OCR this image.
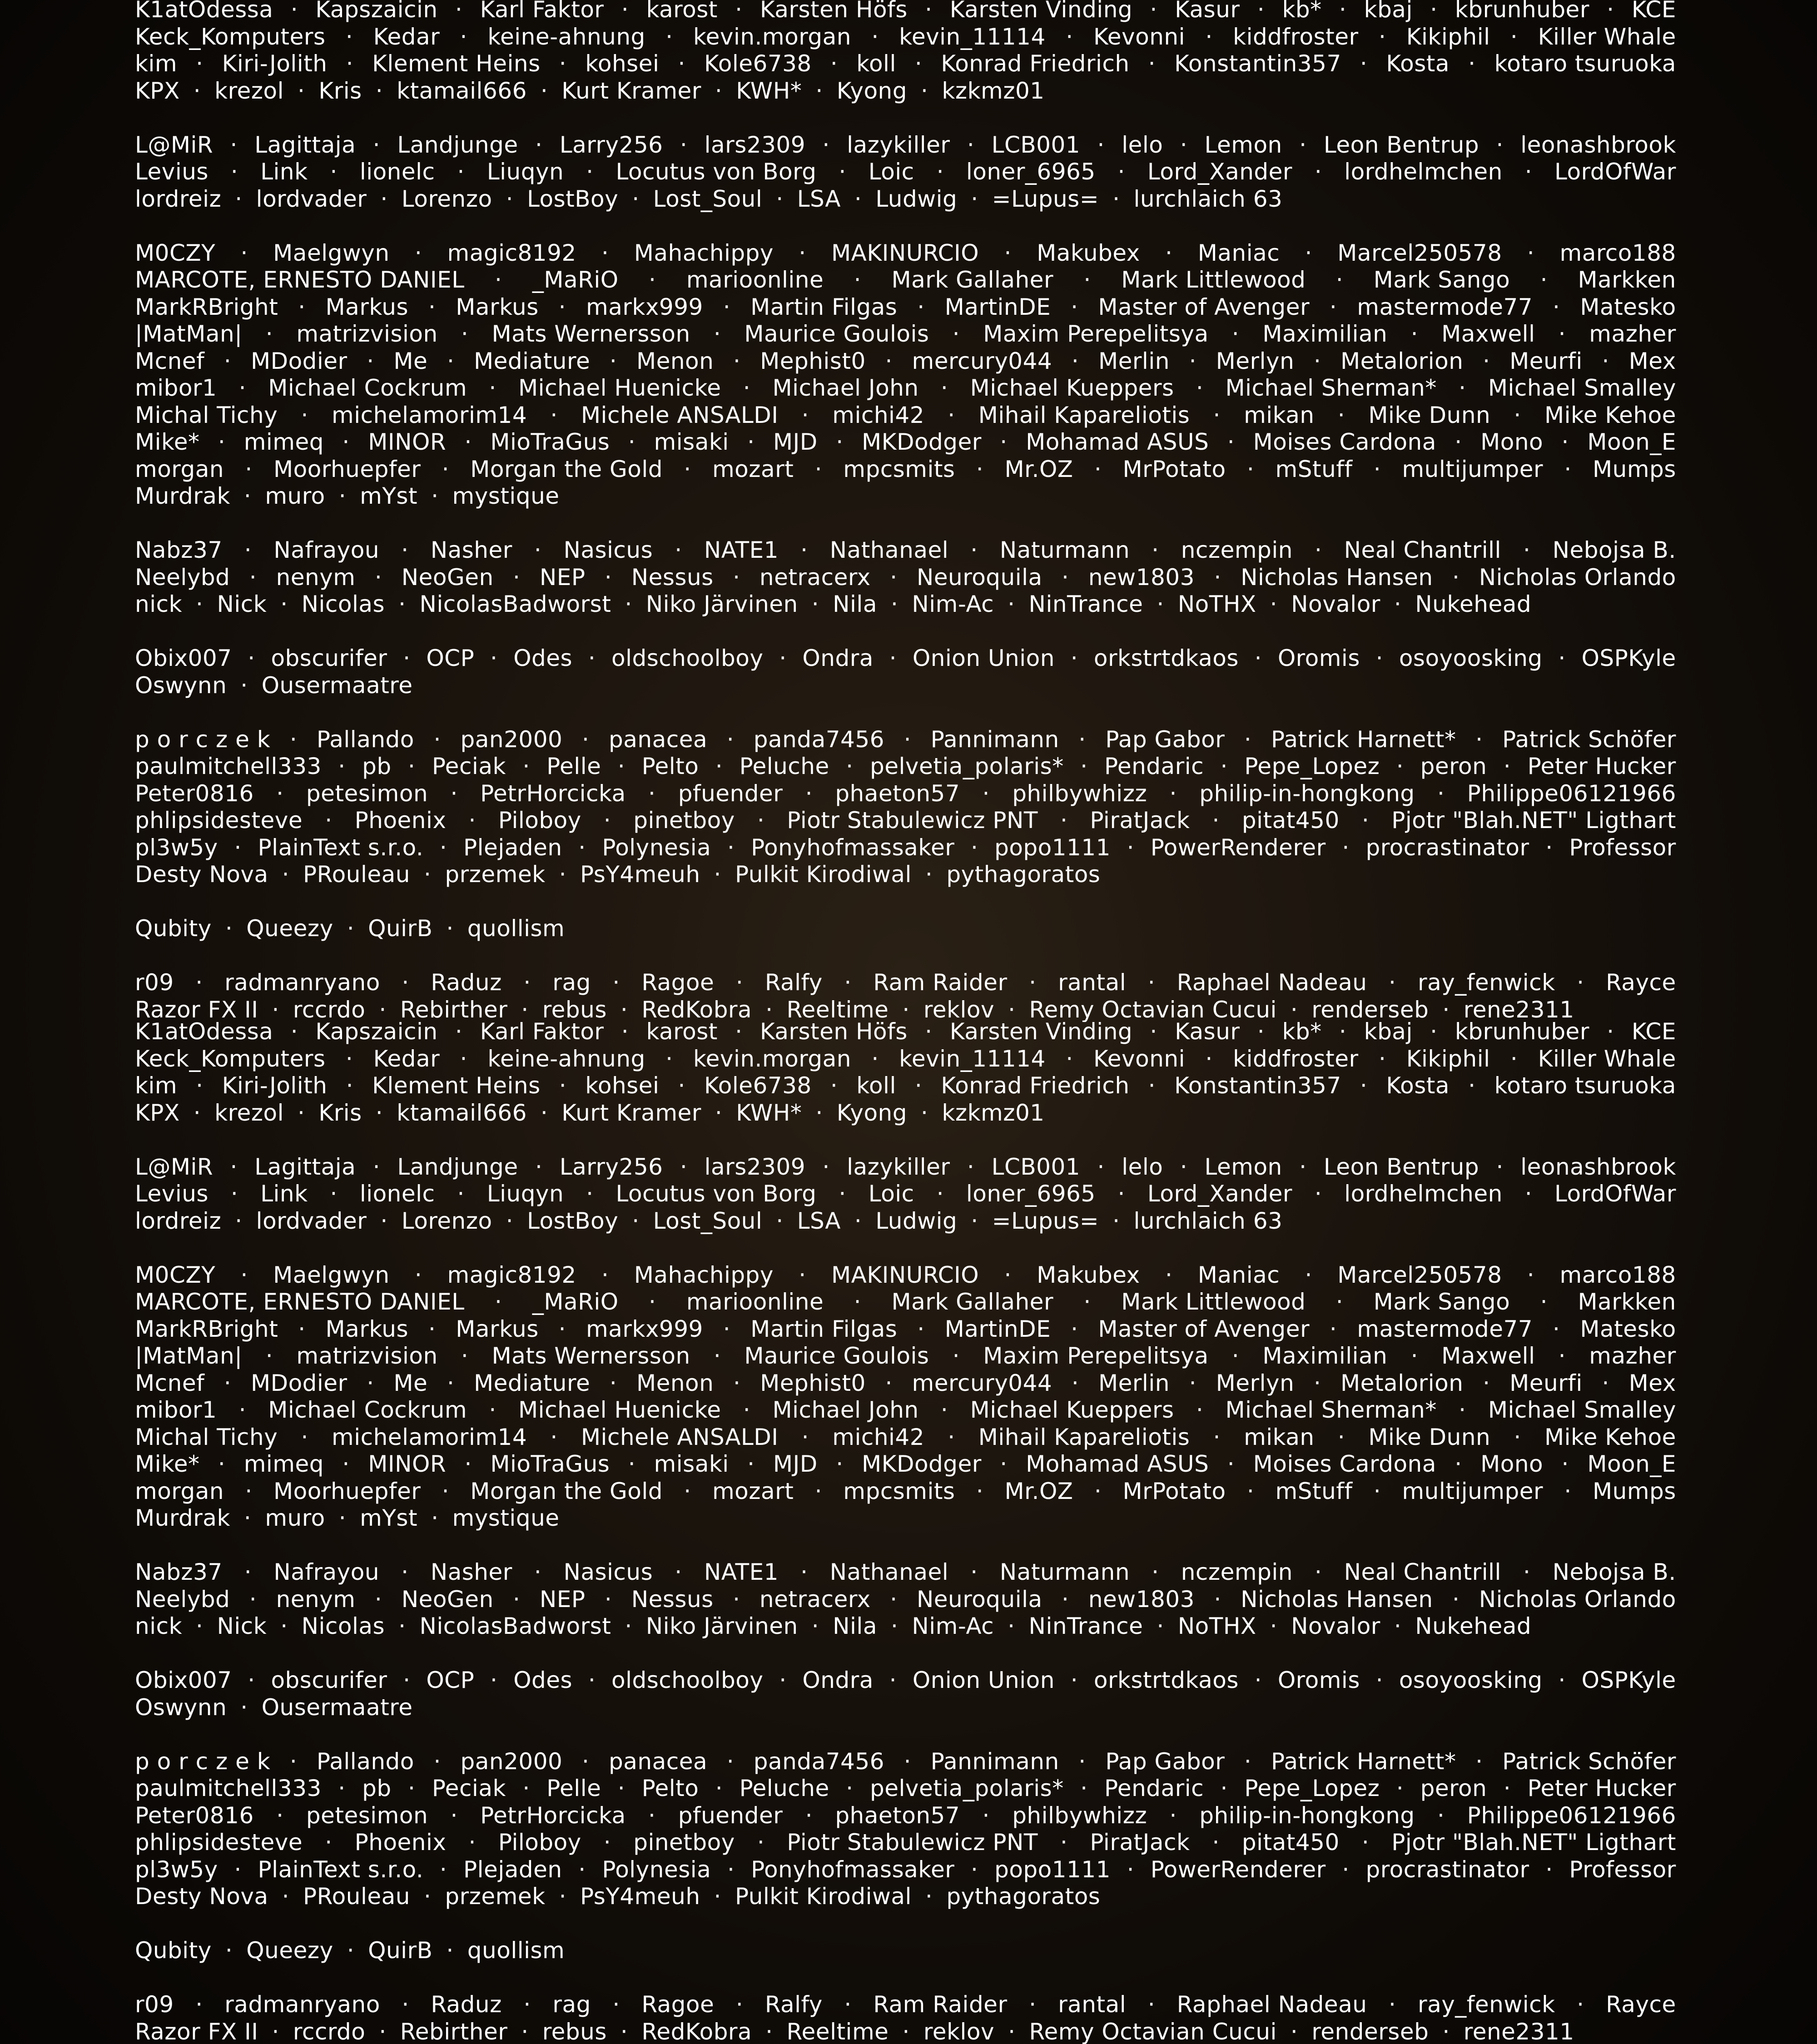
K1atOdessa · Kapszaicin · Karl Faktor · karost · Karsten Höfs · Karsten Vinding · Kasur · kb* · kbaj · kbrunhuber · KCE
Keck_Komputers · Kedar · keine-ahnung · kevin.morgan · kevin_11114 · Kevonni · kiddfroster · Kikiphil · Killer Whale
kim · Kiri-Jolith · Klement Heins · kohsei · Kole6738 · koll · Konrad Friedrich · Konstantin357 · Kosta · kotaro tsuruoka
KPX · krezol · Kris · ktamail666 · Kurt Kramer · KWH* · Kyong · kzkmz01
L@MiR · Lagittaja · Landjunge · Larry256 · lars2309 · lazykiller · LCB001 · lelo · Lemon · Leon Bentrup · leonashbrook
Levius · Link · lionelc · Liuqyn · Locutus von Borg · Loic · loner_6965 · Lord_Xander · lordhelmchen · LordOfWar
lordreiz · lordvader · Lorenzo · LostBoy · Lost_Soul · LSA · Ludwig · =Lupus= · lurchlaich 63
M0CZY · Maelgwyn · magic8192 · Mahachippy · MAKINURCIO · Makubex · Maniac · Marcel250578 · marco188
MARCOTE, ERNESTO DANIEL · _MaRiO · marioonline · Mark Gallaher · Mark Littlewood · Mark Sango · Markken
MarkRBright · Markus · Markus · markx999 · Martin Filgas · MartinDE · Master of Avenger · mastermode77 · Matesko
|MatMan| · matrizvision · Mats Wernersson · Maurice Goulois · Maxim Perepelitsya · Maximilian · Maxwell · mazher
Mcnef · MDodier · Me · Mediature · Menon · Mephist0 · mercury044 · Merlin · Merlyn · Metalorion · Meurfi · Mex
mibor1 · Michael Cockrum · Michael Huenicke · Michael John · Michael Kueppers · Michael Sherman* · Michael Smalley
Michal Tichy · michelamorim14 · Michele ANSALDI · michi42 · Mihail Kapareliotis · mikan · Mike Dunn · Mike Kehoe
Mike* · mimeq · MINOR · MioTraGus · misaki · MJD · MKDodger · Mohamad ASUS · Moises Cardona · Mono · Moon_E
morgan · Moorhuepfer · Morgan the Gold · mozart · mpcsmits · Mr.OZ · MrPotato · mStuff · multijumper · Mumps
Murdrak · muro · mYst · mystique
Nabz37 · Nafrayou · Nasher · Nasicus · NATE1 · Nathanael · Naturmann · nczempin · Neal Chantrill · Nebojsa B.
Neelybd · nenym · NeoGen · NEP · Nessus · netracerx · Neuroquila · new1803 · Nicholas Hansen · Nicholas Orlando
nick · Nick · Nicolas · NicolasBadworst · Niko Järvinen · Nila · Nim-Ac · NinTrance · NoTHX · Novalor · Nukehead
Obix007 · obscurifer · OCP · Odes · oldschoolboy · Ondra · Onion Union · orkstrtdkaos · Oromis · osoyoosking · OSPKyle
Oswynn · Ousermaatre
p o r c z e k · Pallando · pan2000 · panacea · panda7456 · Pannimann · Pap Gabor · Patrick Harnett* · Patrick Schöfer
paulmitchell333 · pb · Peciak · Pelle · Pelto · Peluche · pelvetia_polaris* · Pendaric · Pepe_Lopez · peron · Peter Hucker
Peter0816 · petesimon · PetrHorcicka · pfuender · phaeton57 · philbywhizz · philip-in-hongkong · Philippe06121966
phlipsidesteve · Phoenix · Piloboy · pinetboy · Piotr Stabulewicz PNT · PiratJack · pitat450 · Pjotr "Blah.NET" Ligthart
pl3w5y · PlainText s.r.o. · Plejaden · Polynesia · Ponyhofmassaker · popo1111 · PowerRenderer · procrastinator · Professor
Desty Nova · PRouleau · przemek · PsY4meuh · Pulkit Kirodiwal · pythagoratos
Qubity · Queezy · QuirB · quollism
r09 · radmanryano · Raduz · rag · Ragoe · Ralfy · Ram Raider · rantal · Raphael Nadeau · ray_fenwick · Rayce
Razor FX II · rccrdo · Rebirther · rebus · RedKobra · Reeltime · reklov · Remy Octavian Cucui · renderseb · rene2311
K1atOdessa · Kapszaicin · Karl Faktor · karost · Karsten Höfs · Karsten Vinding · Kasur · kb* · kbaj · kbrunhuber · KCE
Keck_Komputers · Kedar · keine-ahnung · kevin.morgan · kevin_11114 · Kevonni · kiddfroster · Kikiphil · Killer Whale
kim · Kiri-Jolith · Klement Heins · kohsei · Kole6738 · koll · Konrad Friedrich · Konstantin357 · Kosta · kotaro tsuruoka
KPX · krezol · Kris · ktamail666 · Kurt Kramer · KWH* · Kyong · kzkmz01
L@MiR · Lagittaja · Landjunge · Larry256 · lars2309 · lazykiller · LCB001 · lelo · Lemon · Leon Bentrup · leonashbrook
Levius · Link · lionelc · Liuqyn · Locutus von Borg · Loic · loner_6965 · Lord_Xander · lordhelmchen · LordOfWar
lordreiz · lordvader · Lorenzo · LostBoy · Lost_Soul · LSA · Ludwig · =Lupus= · lurchlaich 63
M0CZY · Maelgwyn · magic8192 · Mahachippy · MAKINURCIO · Makubex · Maniac · Marcel250578 · marco188
MARCOTE, ERNESTO DANIEL · _MaRiO · marioonline · Mark Gallaher · Mark Littlewood · Mark Sango · Markken
MarkRBright · Markus · Markus · markx999 · Martin Filgas · MartinDE · Master of Avenger · mastermode77 · Matesko
|MatMan| · matrizvision · Mats Wernersson · Maurice Goulois · Maxim Perepelitsya · Maximilian · Maxwell · mazher
Mcnef · MDodier · Me · Mediature · Menon · Mephist0 · mercury044 · Merlin · Merlyn · Metalorion · Meurfi · Mex
mibor1 · Michael Cockrum · Michael Huenicke · Michael John · Michael Kueppers · Michael Sherman* · Michael Smalley
Michal Tichy · michelamorim14 · Michele ANSALDI · michi42 · Mihail Kapareliotis · mikan · Mike Dunn · Mike Kehoe
Mike* · mimeq · MINOR · MioTraGus · misaki · MJD · MKDodger · Mohamad ASUS · Moises Cardona · Mono · Moon_E
morgan · Moorhuepfer · Morgan the Gold · mozart · mpcsmits · Mr.OZ · MrPotato · mStuff · multijumper · Mumps
Murdrak · muro · mYst · mystique
Nabz37 · Nafrayou · Nasher · Nasicus · NATE1 · Nathanael · Naturmann · nczempin · Neal Chantrill · Nebojsa B.
Neelybd · nenym · NeoGen · NEP · Nessus · netracerx · Neuroquila · new1803 · Nicholas Hansen · Nicholas Orlando
nick · Nick · Nicolas · NicolasBadworst · Niko Järvinen · Nila · Nim-Ac · NinTrance · NoTHX · Novalor · Nukehead
Obix007 · obscurifer · OCP · Odes · oldschoolboy · Ondra · Onion Union · orkstrtdkaos · Oromis · osoyoosking · OSPKyle
Oswynn · Ousermaatre
p o r c z e k · Pallando · pan2000 · panacea · panda7456 · Pannimann · Pap Gabor · Patrick Harnett* · Patrick Schöfer
paulmitchell333 · pb · Peciak · Pelle · Pelto · Peluche · pelvetia_polaris* · Pendaric · Pepe_Lopez · peron · Peter Hucker
Peter0816 · petesimon · PetrHorcicka · pfuender · phaeton57 · philbywhizz · philip-in-hongkong · Philippe06121966
phlipsidesteve · Phoenix · Piloboy · pinetboy · Piotr Stabulewicz PNT · PiratJack · pitat450 · Pjotr "Blah.NET" Ligthart
pl3w5y · PlainText s.r.o. · Plejaden · Polynesia · Ponyhofmassaker · popo1111 · PowerRenderer · procrastinator · Professor
Desty Nova · PRouleau · przemek · PsY4meuh · Pulkit Kirodiwal · pythagoratos
Qubity · Queezy · QuirB · quollism
r09 · radmanryano · Raduz · rag · Ragoe · Ralfy · Ram Raider · rantal · Raphael Nadeau · ray_fenwick · Rayce
Razor FX II · rccrdo · Rebirther · rebus · RedKobra · Reeltime · reklov · Remy Octavian Cucui · renderseb · rene2311
